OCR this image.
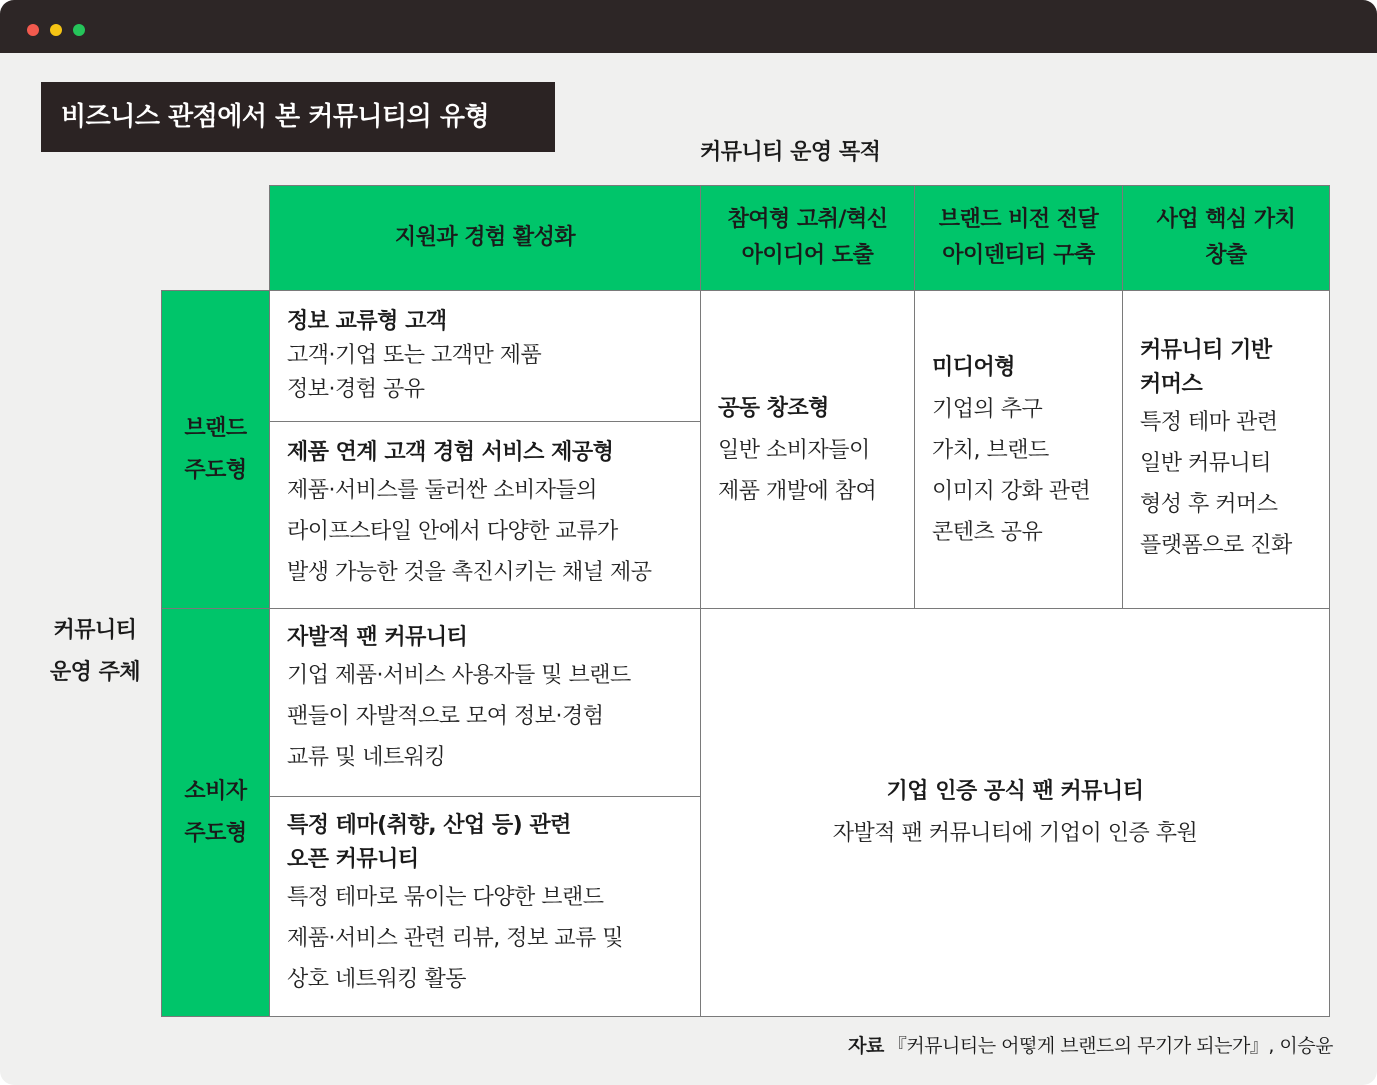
비즈니스 관점에서 본 커뮤니티의 유형
커뮤니티 운영 목적
커뮤니티
운영 주체
지원과 경험 활성화
참여형 고취/혁신
아이디어 도출
브랜드 비전 전달
아이덴티티 구축
사업 핵심 가치
창출
브랜드
주도형
소비자
주도형
정보 교류형 고객
고객·기업 또는 고객만 제품
정보·경험 공유
제품 연계 고객 경험 서비스 제공형
제품·서비스를 둘러싼 소비자들의
라이프스타일 안에서 다양한 교류가
발생 가능한 것을 촉진시키는 채널 제공
공동 창조형
일반 소비자들이
제품 개발에 참여
미디어형
기업의 추구
가치, 브랜드
이미지 강화 관련
콘텐츠 공유
커뮤니티 기반
커머스
특정 테마 관련
일반 커뮤니티
형성 후 커머스
플랫폼으로 진화
자발적 팬 커뮤니티
기업 제품·서비스 사용자들 및 브랜드
팬들이 자발적으로 모여 정보·경험
교류 및 네트워킹
특정 테마(취향, 산업 등) 관련
오픈 커뮤니티
특정 테마로 묶이는 다양한 브랜드
제품·서비스 관련 리뷰, 정보 교류 및
상호 네트워킹 활동
기업 인증 공식 팬 커뮤니티
자발적 팬 커뮤니티에 기업이 인증 후원
자료 『커뮤니티는 어떻게 브랜드의 무기가 되는가』, 이승윤
